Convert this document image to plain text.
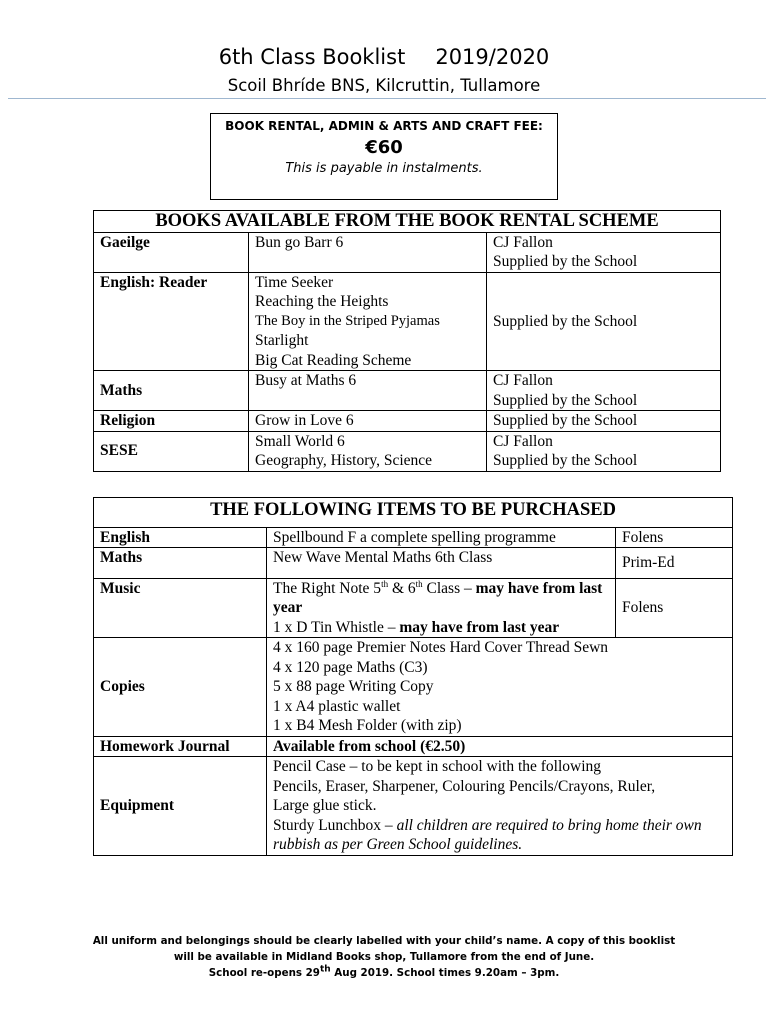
6th Class Booklist 2019/2020
Scoil Bhríde BNS, Kilcruttin, Tullamore
BOOK RENTAL, ADMIN & ARTS AND CRAFT FEE:
€60
This is payable in instalments.
BOOKS AVAILABLE FROM THE BOOK RENTAL SCHEME		
Gaeilge	Bun go Barr 6	CJ Fallon
Supplied by the School

English: Reader	Time Seeker
Reaching the Heights
The Boy in the Striped Pyjamas
Starlight
Big Cat Reading Scheme	Supplied by the School

Maths	Busy at Maths 6	CJ Fallon
Supplied by the School

Religion	Grow in Love 6	Supplied by the School

SESE	Small World 6
Geography, History, Science	CJ Fallon
Supplied by the School
THE FOLLOWING ITEMS TO BE PURCHASED		
English	Spellbound F a complete spelling programme	Folens
Maths	New Wave Mental Maths 6th Class	Prim-Ed
Music	The Right Note 5th & 6th Class – may have from last year
1 x D Tin Whistle – may have from last year	Folens
Copies	4 x 160 page Premier Notes Hard Cover Thread Sewn
4 x 120 page Maths (C3)
5 x 88 page Writing Copy
1 x A4 plastic wallet
1 x B4 Mesh Folder (with zip)	

Homework Journal	Available from school (€2.50)	
Equipment	Pencil Case – to be kept in school with the following
Pencils, Eraser, Sharpener, Colouring Pencils/Crayons, Ruler,
Large glue stick.
Sturdy Lunchbox – all children are required to bring home their own rubbish as per Green School guidelines.	
All uniform and belongings should be clearly labelled with your child’s name. A copy of this booklist
will be available in Midland Books shop, Tullamore from the end of June.
School re-opens 29th Aug 2019. School times 9.20am – 3pm.
